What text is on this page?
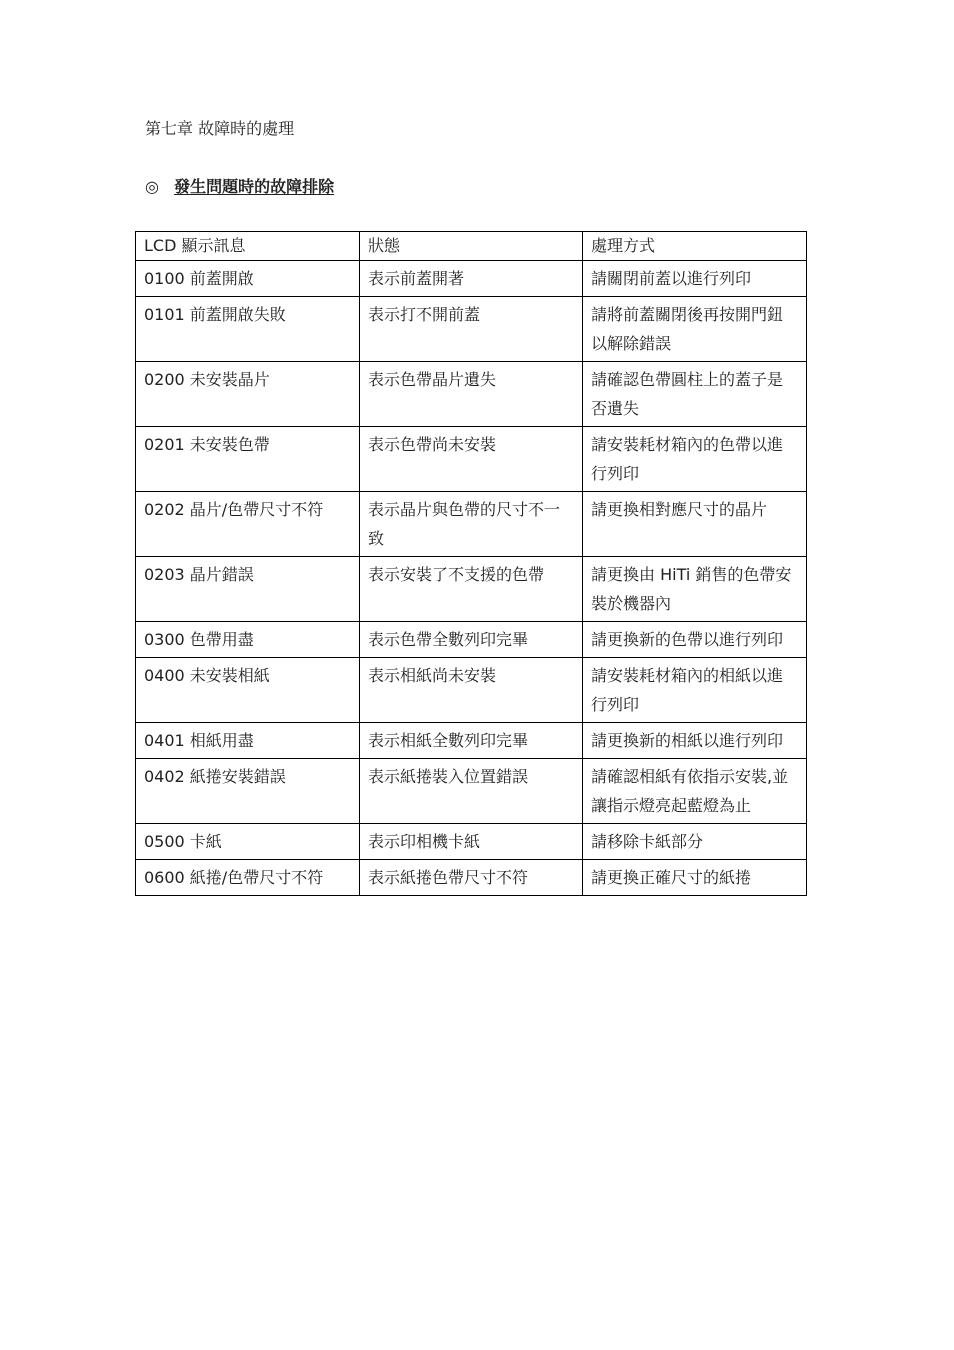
第七章 故障時的處理
◎ 發生問題時的故障排除
LCD 顯示訊息	狀態	處理方式
0100 前蓋開啟	表示前蓋開著	請關閉前蓋以進行列印
0101 前蓋開啟失敗	表示打不開前蓋	請將前蓋關閉後再按開門鈕以解除錯誤
0200 未安裝晶片	表示色帶晶片遺失	請確認色帶圓柱上的蓋子是否遺失
0201 未安裝色帶	表示色帶尚未安裝	請安裝耗材箱內的色帶以進行列印
0202 晶片/色帶尺寸不符	表示晶片與色帶的尺寸不一致	請更換相對應尺寸的晶片
0203 晶片錯誤	表示安裝了不支援的色帶	請更換由 HiTi 銷售的色帶安裝於機器內
0300 色帶用盡	表示色帶全數列印完畢	請更換新的色帶以進行列印
0400 未安裝相紙	表示相紙尚未安裝	請安裝耗材箱內的相紙以進行列印
0401 相紙用盡	表示相紙全數列印完畢	請更換新的相紙以進行列印
0402 紙捲安裝錯誤	表示紙捲裝入位置錯誤	請確認相紙有依指示安裝,並讓指示燈亮起藍燈為止
0500 卡紙	表示印相機卡紙	請移除卡紙部分
0600 紙捲/色帶尺寸不符	表示紙捲色帶尺寸不符	請更換正確尺寸的紙捲
